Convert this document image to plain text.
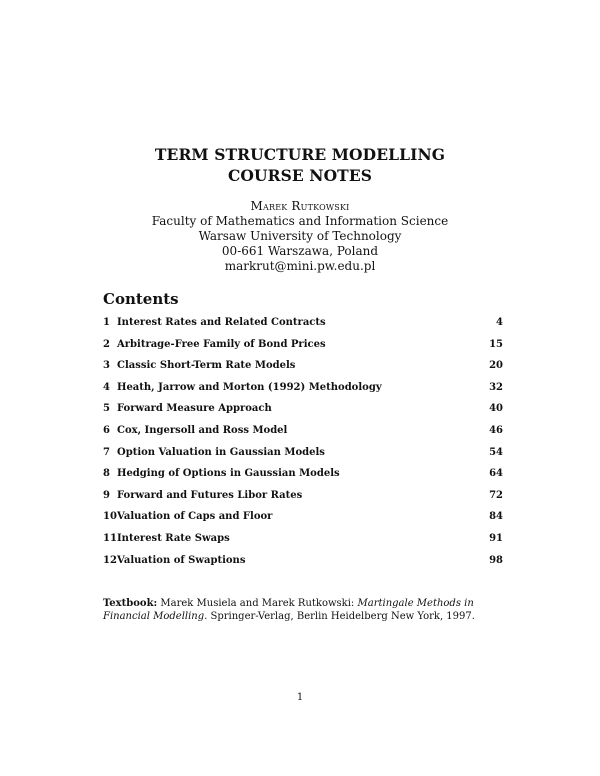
TERM STRUCTURE MODELLING
COURSE NOTES
Marek Rutkowski
Faculty of Mathematics and Information Science
Warsaw University of Technology
00-661 Warszawa, Poland
markrut@mini.pw.edu.pl
Contents
1 Interest Rates and Related Contracts	4
2 Arbitrage-Free Family of Bond Prices	15
3 Classic Short-Term Rate Models	20
4 Heath, Jarrow and Morton (1992) Methodology	32
5 Forward Measure Approach	40
6 Cox, Ingersoll and Ross Model	46
7 Option Valuation in Gaussian Models	54
8 Hedging of Options in Gaussian Models	64
9 Forward and Futures Libor Rates	72
10 Valuation of Caps and Floor	84
11 Interest Rate Swaps	91
12 Valuation of Swaptions	98
Textbook: Marek Musiela and Marek Rutkowski: Martingale Methods in Financial Modelling. Springer-Verlag, Berlin Heidelberg New York, 1997.
1
